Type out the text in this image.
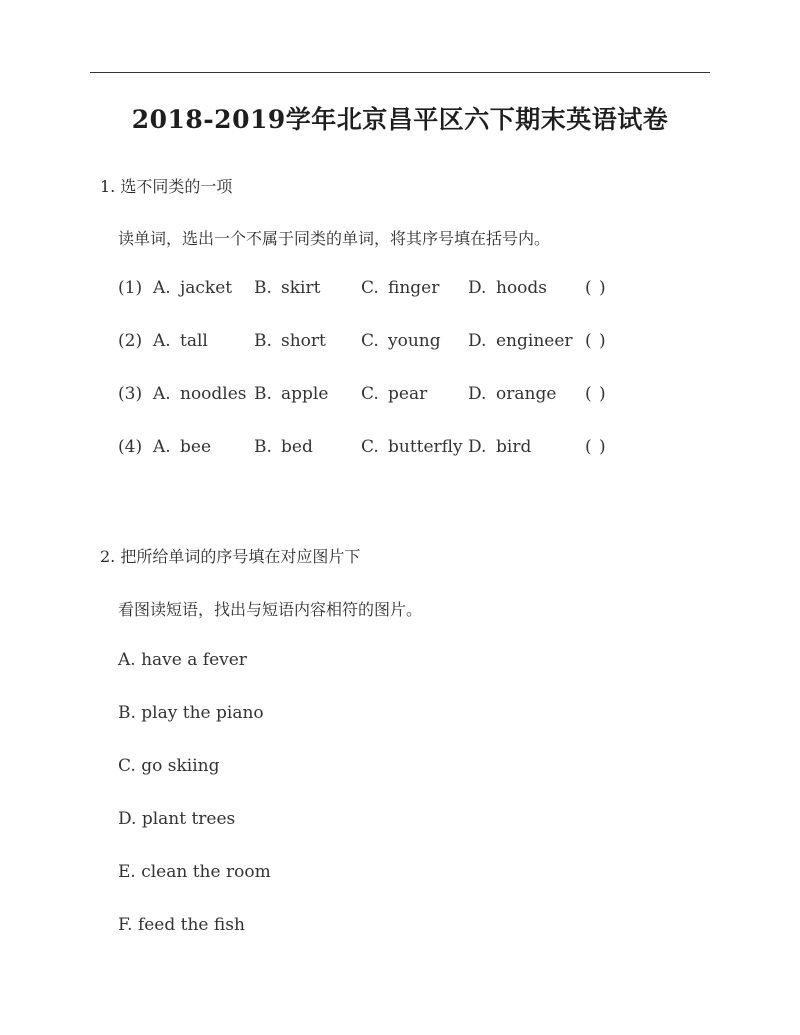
2018-2019学年北京昌平区六下期末英语试卷
1. 选不同类的一项
读单词，选出一个不属于同类的单词，将其序号填在括号内。
(1) A. jacket B. skirt C. finger D. hoods ( )
(2) A. tall	B. short C. young D. engineer ( )
(3) A. noodles B. apple C. pear D. orange ( )
(4) A. bee	B. bed	C. butterfly D. bird	( )
2. 把所给单词的序号填在对应图片下
看图读短语，找出与短语内容相符的图片。
A. have a fever
B. play the piano
C. go skiing
D. plant trees
E. clean the room
F. feed the fish
